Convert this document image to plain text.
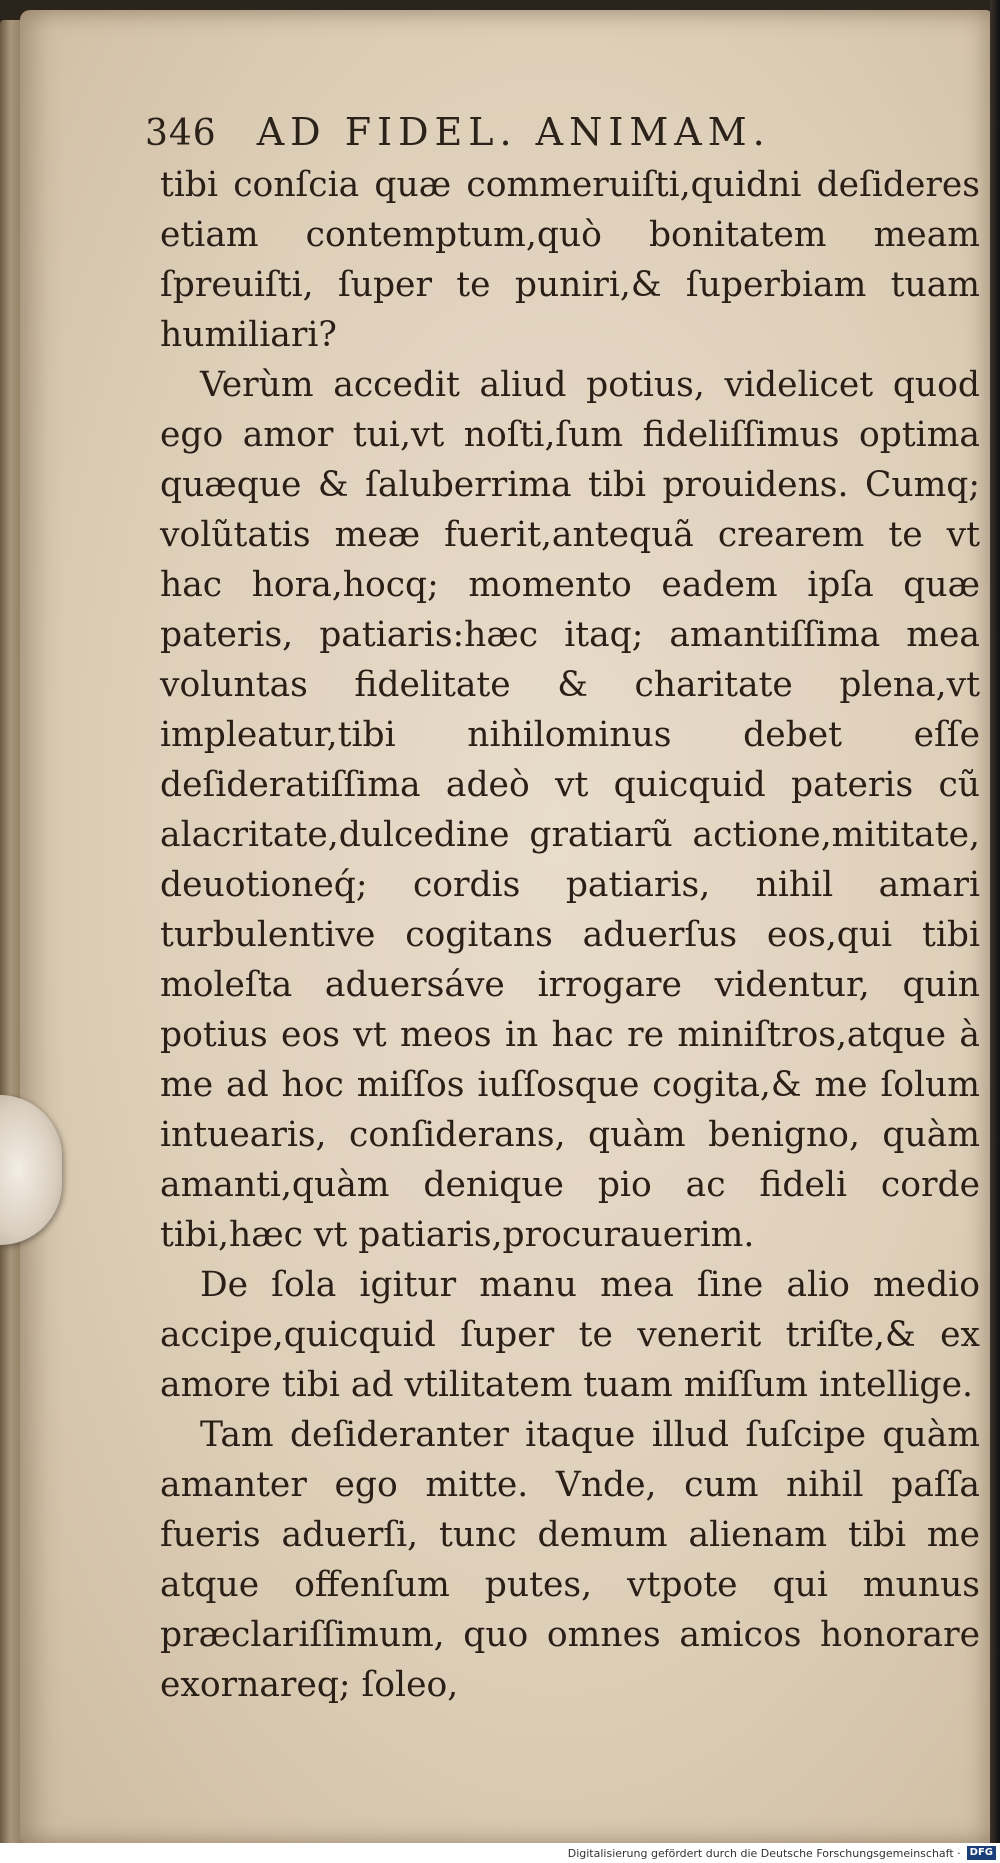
346 AD FIDEL. ANIMAM.

tibi conſcia quæ commeruiſti,quidni deſideres etiam contemptum,quò bonitatem meam ſpreuiſti, ſuper te puniri,& ſuperbiam tuam humiliari?

Verùm accedit aliud potius, videlicet quod ego amor tui,vt noſti,ſum fideliſſimus optima quæque & ſaluberrima tibi prouidens. Cumq; volũtatis meæ fuerit,antequã crearem te vt hac hora,hocq; momento eadem ipſa quæ pateris, patiaris:hæc itaq; amantiſſima mea voluntas fidelitate & charitate plena,vt impleatur,tibi nihilominus debet eſſe deſideratiſſima adeò vt quicquid pateris cũ alacritate,dulcedine gratiarũ actione,mititate, deuotioneq́; cordis patiaris, nihil amari turbulentive cogitans aduerſus eos,qui tibi moleſta aduersáve irrogare videntur, quin potius eos vt meos in hac re miniſtros,atque à me ad hoc miſſos iuſſosque cogita,& me ſolum intuearis, conſiderans, quàm benigno, quàm amanti,quàm denique pio ac fideli corde tibi,hæc vt patiaris,procurauerim.

De ſola igitur manu mea ſine alio medio accipe,quicquid ſuper te venerit triſte,& ex amore tibi ad vtilitatem tuam miſſum intellige.

Tam deſideranter itaque illud ſuſcipe quàm amanter ego mitte. Vnde, cum nihil paſſa fueris aduerſi, tunc demum alienam tibi me atque offenſum putes, vtpote qui munus præclariſſimum, quo omnes amicos honorare exornareq; ſoleo,

Digitalisierung gefördert durch die Deutsche Forschungsgemeinschaft · DFG
